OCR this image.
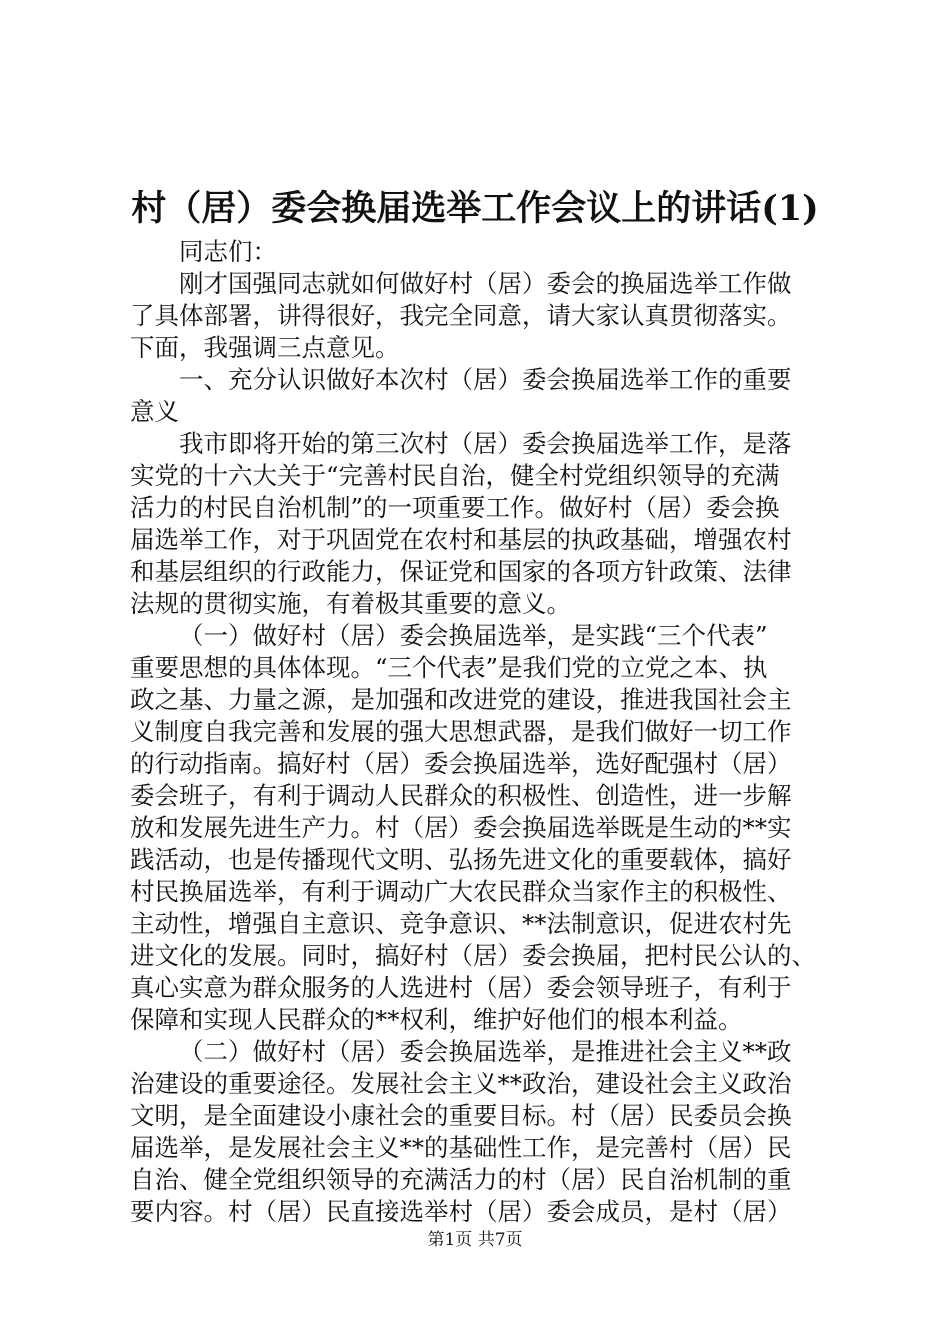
村（居）委会换届选举工作会议上的讲话(1)
同志们：
刚才国强同志就如何做好村（居）委会的换届选举工作做
了具体部署，讲得很好，我完全同意，请大家认真贯彻落实。
下面，我强调三点意见。
一、充分认识做好本次村（居）委会换届选举工作的重要
意义
我市即将开始的第三次村（居）委会换届选举工作，是落
实党的十六大关于“完善村民自治，健全村党组织领导的充满
活力的村民自治机制”的一项重要工作。做好村（居）委会换
届选举工作，对于巩固党在农村和基层的执政基础，增强农村
和基层组织的行政能力，保证党和国家的各项方针政策、法律
法规的贯彻实施，有着极其重要的意义。
（一）做好村（居）委会换届选举，是实践“三个代表”
重要思想的具体体现。“三个代表”是我们党的立党之本、执
政之基、力量之源，是加强和改进党的建设，推进我国社会主
义制度自我完善和发展的强大思想武器，是我们做好一切工作
的行动指南。搞好村（居）委会换届选举，选好配强村（居）
委会班子，有利于调动人民群众的积极性、创造性，进一步解
放和发展先进生产力。村（居）委会换届选举既是生动的**实
践活动，也是传播现代文明、弘扬先进文化的重要载体，搞好
村民换届选举，有利于调动广大农民群众当家作主的积极性、
主动性，增强自主意识、竞争意识、**法制意识，促进农村先
进文化的发展。同时，搞好村（居）委会换届，把村民公认的、
真心实意为群众服务的人选进村（居）委会领导班子，有利于
保障和实现人民群众的**权利，维护好他们的根本利益。
（二）做好村（居）委会换届选举，是推进社会主义**政
治建设的重要途径。发展社会主义**政治，建设社会主义政治
文明，是全面建设小康社会的重要目标。村（居）民委员会换
届选举，是发展社会主义**的基础性工作，是完善村（居）民
自治、健全党组织领导的充满活力的村（居）民自治机制的重
要内容。村（居）民直接选举村（居）委会成员，是村（居）
第1页 共7页
